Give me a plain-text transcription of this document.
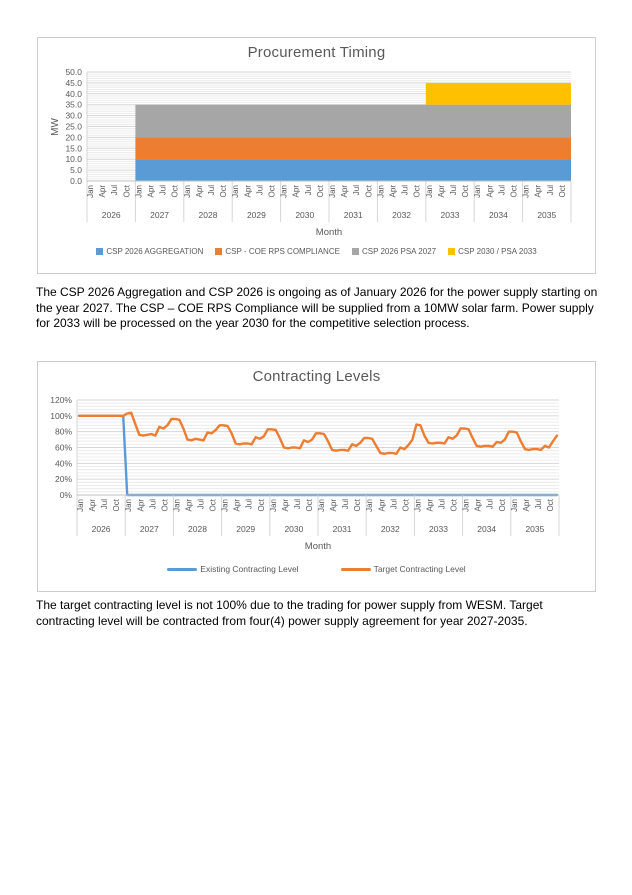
Procurement Timing
0.0
5.0
10.0
15.0
20.0
25.0
30.0
35.0
40.0
45.0
50.0
Jan Apr Jul Oct
2026
Jan Apr Jul Oct
2027
Jan Apr Jul Oct
2028
Jan Apr Jul Oct
2029
Jan Apr Jul Oct
2030
Jan Apr Jul Oct
2031
Jan Apr Jul Oct
2032
Jan Apr Jul Oct
2033
Jan Apr Jul Oct
2034
Jan Apr Jul Oct
2035
Month
MW
CSP 2026 AGGREGATION	CSP - COE RPS COMPLIANCE	CSP 2026 PSA 2027	CSP 2030 / PSA 2033

The CSP 2026 Aggregation and CSP 2026 is ongoing as of January 2026 for the power supply starting on the year 2027. The CSP – COE RPS Compliance will be supplied from a 10MW solar farm. Power supply for 2033 will be processed on the year 2030 for the competitive selection process.

Contracting Levels
0%
20%
40%
60%
80%
100%
120%
Jan Apr Jul Oct
2026
Jan Apr Jul Oct
2027
Jan Apr Jul Oct
2028
Jan Apr Jul Oct
2029
Jan Apr Jul Oct
2030
Jan Apr Jul Oct
2031
Jan Apr Jul Oct
2032
Jan Apr Jul Oct
2033
Jan Apr Jul Oct
2034
Jan Apr Jul Oct
2035
Month
Existing Contracting Level	Target Contracting Level

The target contracting level is not 100% due to the trading for power supply from WESM. Target contracting level will be contracted from four(4) power supply agreement for year 2027-2035.
